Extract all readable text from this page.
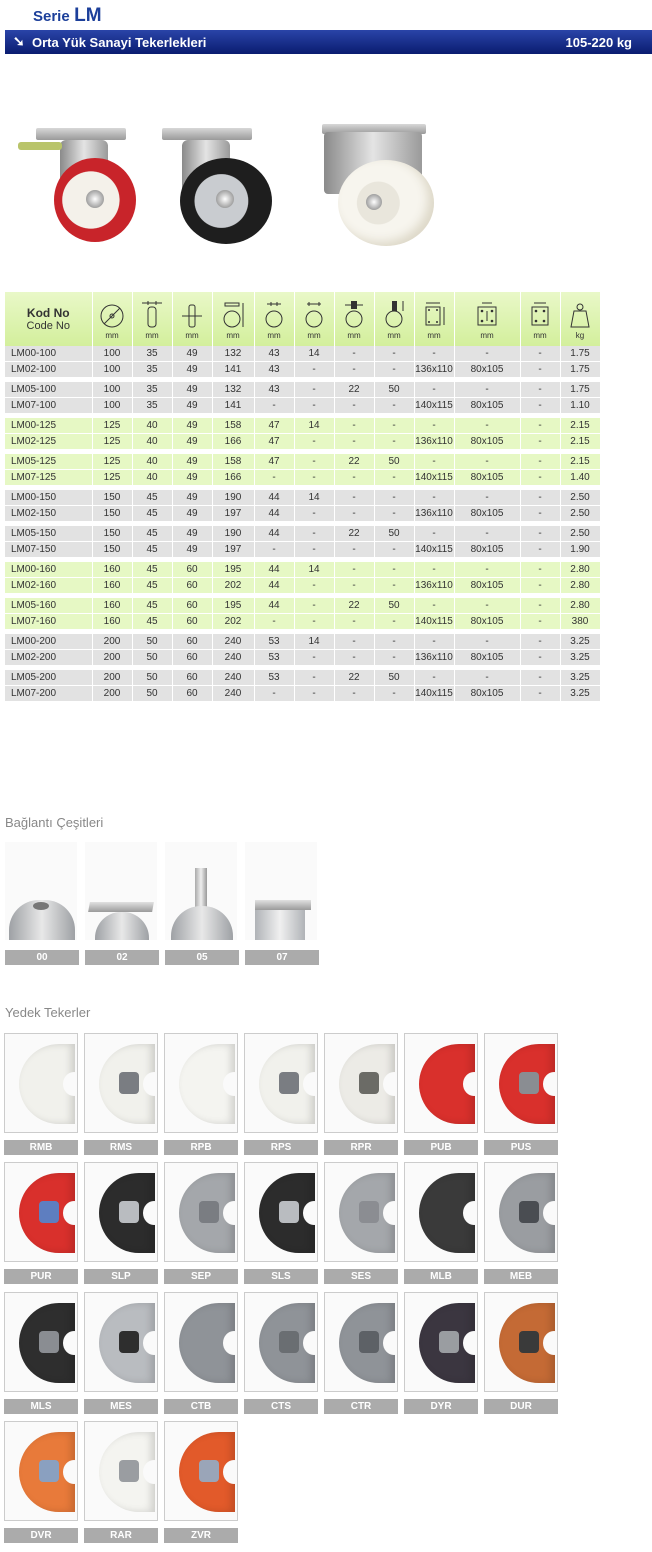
Serie LM
➘ Orta Yük Sanayi Tekerlekleri	105-220 kg
Kod No
Code No	mm	mm	mm	mm	mm	mm	mm	mm	mm	mm	mm	kg

LM00-100	100	35	49	132	43	14	-	-	-	-	-	1.75
LM02-100	100	35	49	141	43	-	-	-	136x110	80x105	-	1.75

LM05-100	100	35	49	132	43	-	22	50	-	-	-	1.75
LM07-100	100	35	49	141	-	-	-	-	140x115	80x105	-	1.10

LM00-125	125	40	49	158	47	14	-	-	-	-	-	2.15
LM02-125	125	40	49	166	47	-	-	-	136x110	80x105	-	2.15

LM05-125	125	40	49	158	47	-	22	50	-	-	-	2.15
LM07-125	125	40	49	166	-	-	-	-	140x115	80x105	-	1.40

LM00-150	150	45	49	190	44	14	-	-	-	-	-	2.50
LM02-150	150	45	49	197	44	-	-	-	136x110	80x105	-	2.50

LM05-150	150	45	49	190	44	-	22	50	-	-	-	2.50
LM07-150	150	45	49	197	-	-	-	-	140x115	80x105	-	1.90

LM00-160	160	45	60	195	44	14	-	-	-	-	-	2.80
LM02-160	160	45	60	202	44	-	-	-	136x110	80x105	-	2.80

LM05-160	160	45	60	195	44	-	22	50	-	-	-	2.80
LM07-160	160	45	60	202	-	-	-	-	140x115	80x105	-	380

LM00-200	200	50	60	240	53	14	-	-	-	-	-	3.25
LM02-200	200	50	60	240	53	-	-	-	136x110	80x105	-	3.25

LM05-200	200	50	60	240	53	-	22	50	-	-	-	3.25
LM07-200	200	50	60	240	-	-	-	-	140x115	80x105	-	3.25
Bağlantı Çeşitleri
00	02	05	07
Yedek Tekerler
RMB	RMS	RPB	RPS	RPR	PUB	PUS
PUR	SLP	SEP	SLS	SES	MLB	MEB
MLS	MES	CTB	CTS	CTR	DYR	DUR
DVR	RAR	ZVR
